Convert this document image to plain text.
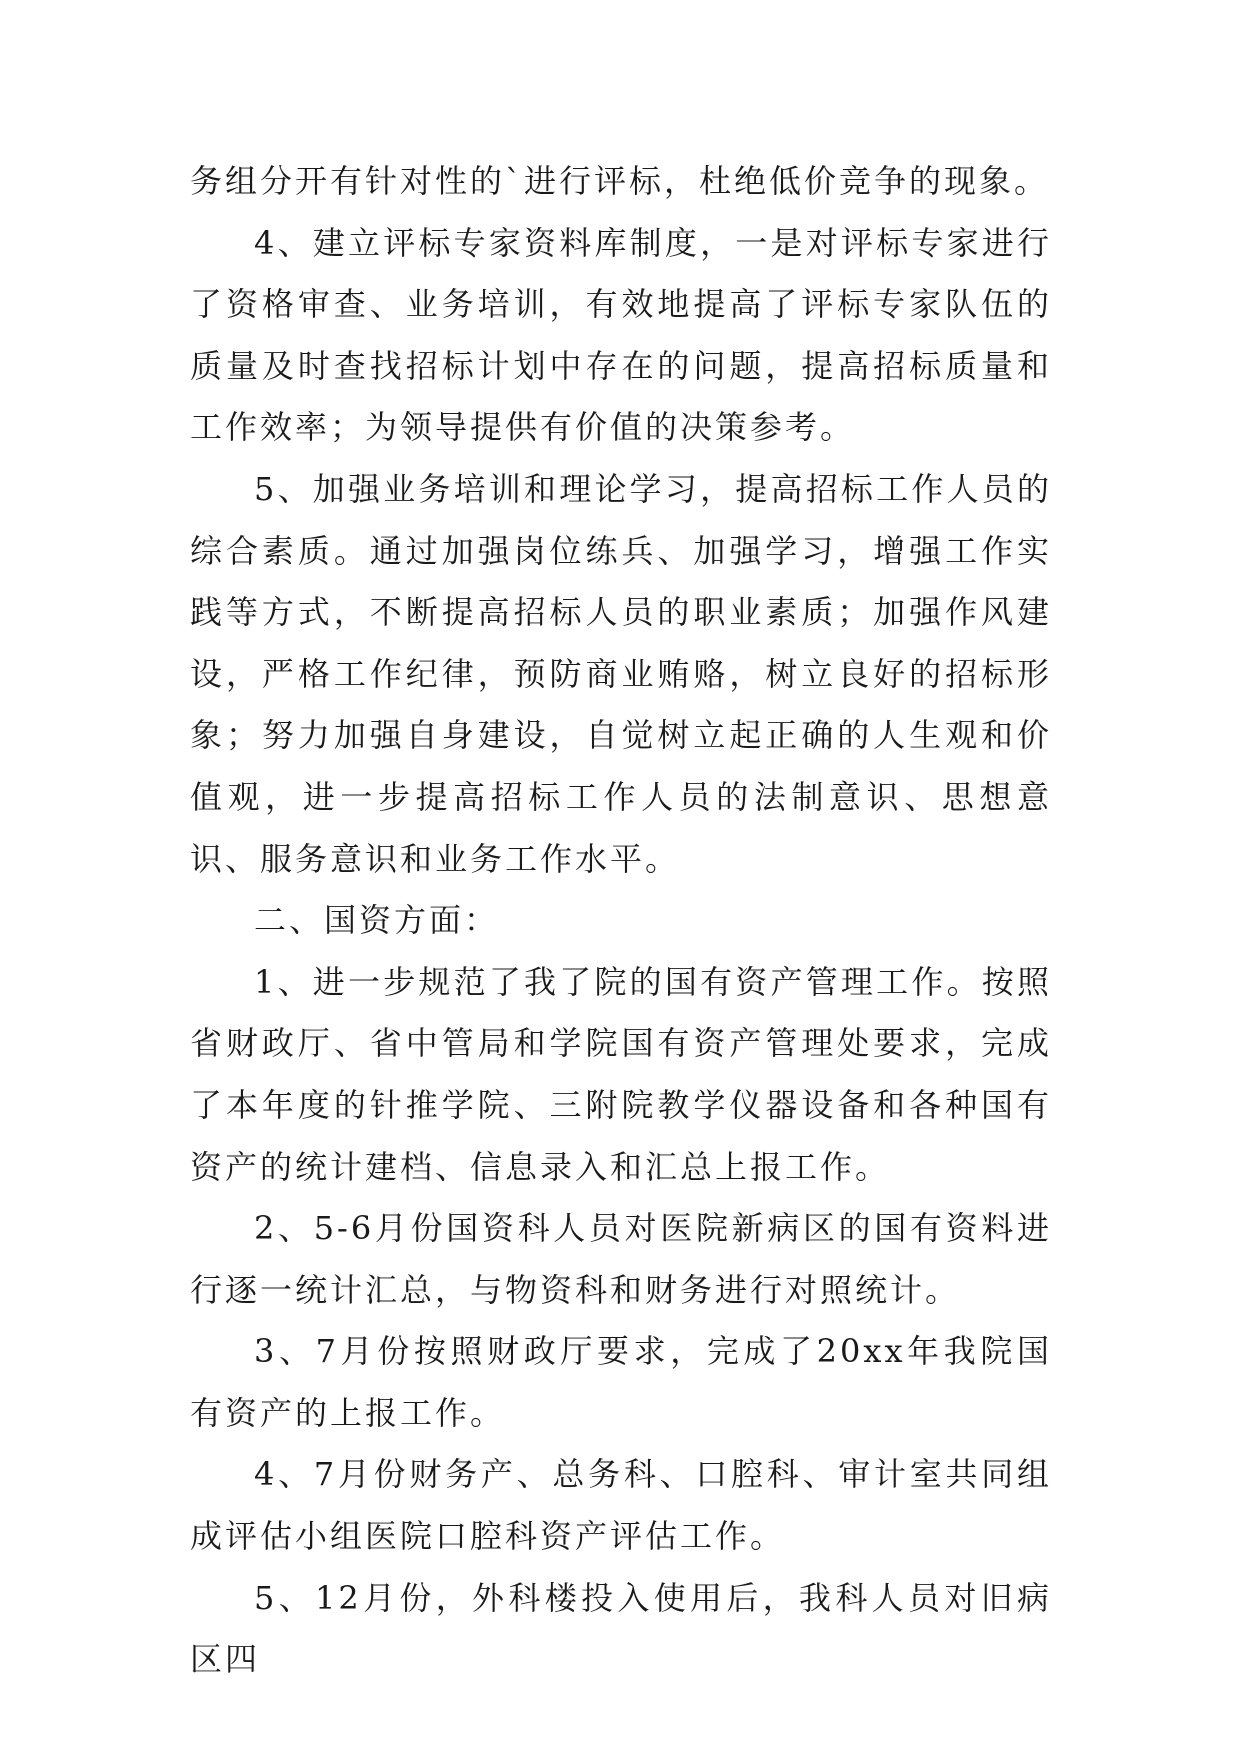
务组分开有针对性的`进行评标，杜绝低价竞争的现象。

4、建立评标专家资料库制度，一是对评标专家进行了资格审查、业务培训，有效地提高了评标专家队伍的质量及时查找招标计划中存在的问题，提高招标质量和工作效率；为领导提供有价值的决策参考。

5、加强业务培训和理论学习，提高招标工作人员的综合素质。通过加强岗位练兵、加强学习，增强工作实践等方式，不断提高招标人员的职业素质；加强作风建设，严格工作纪律，预防商业贿赂，树立良好的招标形象；努力加强自身建设，自觉树立起正确的人生观和价值观，进一步提高招标工作人员的法制意识、思想意识、服务意识和业务工作水平。

二、国资方面：

1、进一步规范了我了院的国有资产管理工作。按照省财政厅、省中管局和学院国有资产管理处要求，完成了本年度的针推学院、三附院教学仪器设备和各种国有资产的统计建档、信息录入和汇总上报工作。

2、5-6月份国资科人员对医院新病区的国有资料进行逐一统计汇总，与物资科和财务进行对照统计。

3、7月份按照财政厅要求，完成了20xx年我院国有资产的上报工作。

4、7月份财务产、总务科、口腔科、审计室共同组成评估小组医院口腔科资产评估工作。

5、12月份，外科楼投入使用后，我科人员对旧病区四
